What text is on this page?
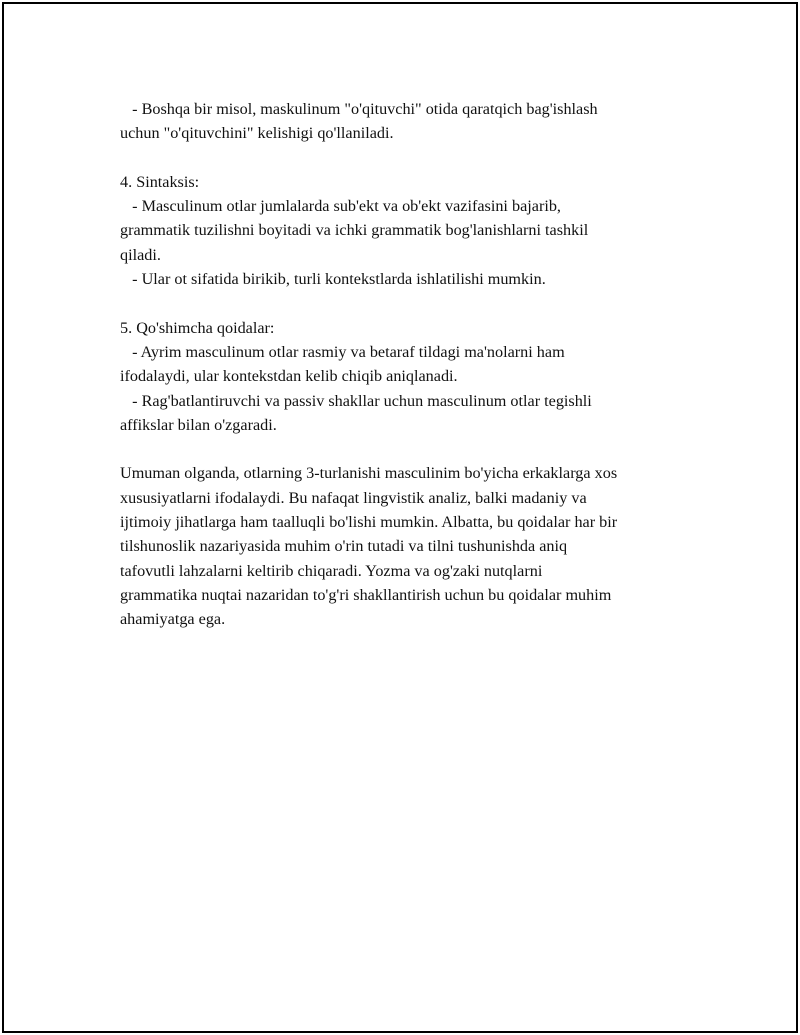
- Boshqa bir misol, maskulinum "o'qituvchi" otida qaratqich bag'ishlash
uchun "o'qituvchini" kelishigi qo'llaniladi.
4. Sintaksis:
- Masculinum otlar jumlalarda sub'ekt va ob'ekt vazifasini bajarib,
grammatik tuzilishni boyitadi va ichki grammatik bog'lanishlarni tashkil
qiladi.
- Ular ot sifatida birikib, turli kontekstlarda ishlatilishi mumkin.
5. Qo'shimcha qoidalar:
- Ayrim masculinum otlar rasmiy va betaraf tildagi ma'nolarni ham
ifodalaydi, ular kontekstdan kelib chiqib aniqlanadi.
- Rag'batlantiruvchi va passiv shakllar uchun masculinum otlar tegishli
affikslar bilan o'zgaradi.
Umuman olganda, otlarning 3-turlanishi masculinim bo'yicha erkaklarga xos
xususiyatlarni ifodalaydi. Bu nafaqat lingvistik analiz, balki madaniy va
ijtimoiy jihatlarga ham taalluqli bo'lishi mumkin. Albatta, bu qoidalar har bir
tilshunoslik nazariyasida muhim o'rin tutadi va tilni tushunishda aniq
tafovutli lahzalarni keltirib chiqaradi. Yozma va og'zaki nutqlarni
grammatika nuqtai nazaridan to'g'ri shakllantirish uchun bu qoidalar muhim
ahamiyatga ega.
